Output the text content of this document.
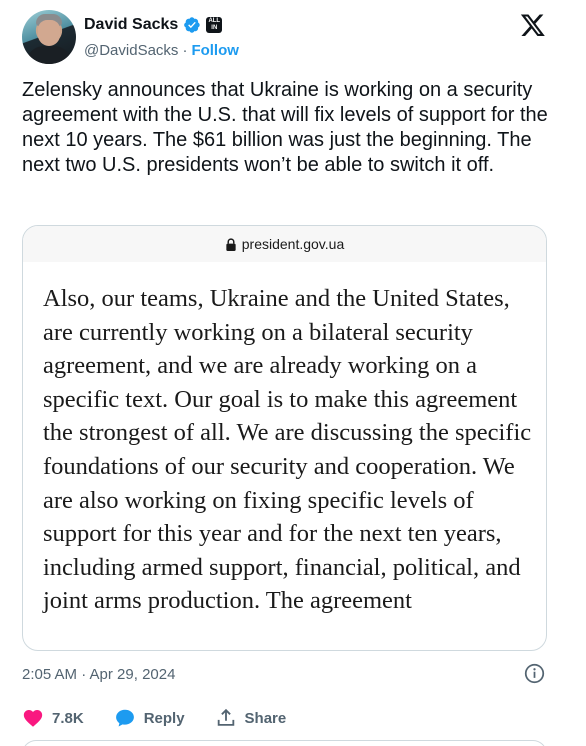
David Sacks	ALL IN
@DavidSacks · Follow
Zelensky announces that Ukraine is working on a security agreement with the U.S. that will fix levels of support for the next 10 years. The $61 billion was just the beginning. The next two U.S. presidents won’t be able to switch it off.
president.gov.ua
Also, our teams, Ukraine and the United States, are currently working on a bilateral security agreement, and we are already working on a specific text. Our goal is to make this agreement the strongest of all. We are discussing the specific foundations of our security and cooperation. We are also working on fixing specific levels of support for this year and for the next ten years, including armed support, financial, political, and joint arms production. The agreement
2:05 AM · Apr 29, 2024
7.8K	Reply	Share
